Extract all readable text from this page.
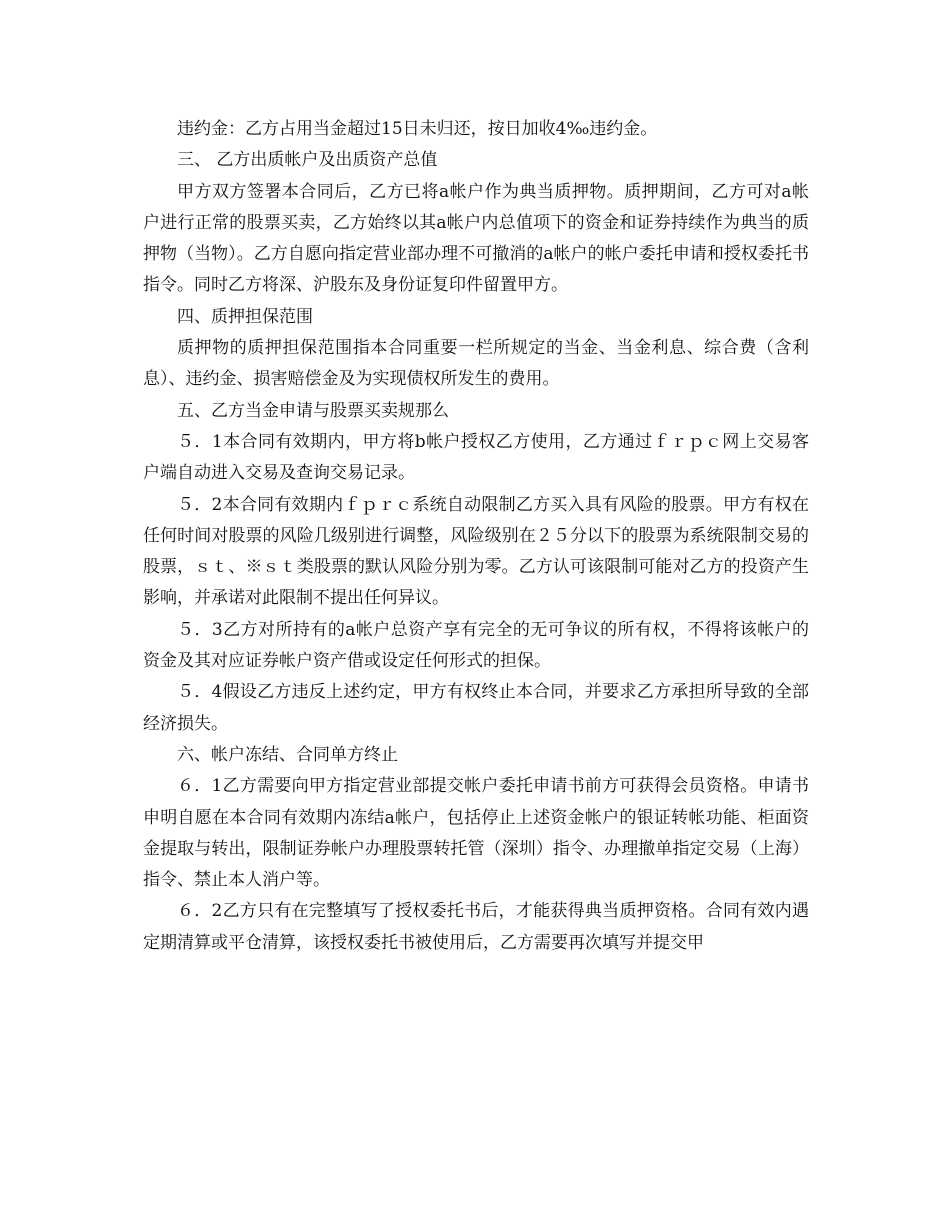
违约金：乙方占用当金超过15日未归还，按日加收4‰违约金。

三、 乙方出质帐户及出质资产总值

甲方双方签署本合同后，乙方已将a帐户作为典当质押物。质押期间，乙方可对a帐户进行正常的股票买卖，乙方始终以其a帐户内总值项下的资金和证券持续作为典当的质押物（当物）。乙方自愿向指定营业部办理不可撤消的a帐户的帐户委托申请和授权委托书指令。同时乙方将深、沪股东及身份证复印件留置甲方。

四、质押担保范围

质押物的质押担保范围指本合同重要一栏所规定的当金、当金利息、综合费（含利息）、违约金、损害赔偿金及为实现债权所发生的费用。

五、乙方当金申请与股票买卖规那么

５．1本合同有效期内，甲方将b帐户授权乙方使用，乙方通过ｆｒｐｃ网上交易客户端自动进入交易及查询交易记录。

５．2本合同有效期内ｆｐｒｃ系统自动限制乙方买入具有风险的股票。甲方有权在任何时间对股票的风险几级别进行调整，风险级别在２５分以下的股票为系统限制交易的股票，ｓｔ、※ｓｔ类股票的默认风险分别为零。乙方认可该限制可能对乙方的投资产生影响，并承诺对此限制不提出任何异议。

５．3乙方对所持有的a帐户总资产享有完全的无可争议的所有权，不得将该帐户的资金及其对应证券帐户资产借或设定任何形式的担保。

５．4假设乙方违反上述约定，甲方有权终止本合同，并要求乙方承担所导致的全部经济损失。

六、帐户冻结、合同单方终止

６．1乙方需要向甲方指定营业部提交帐户委托申请书前方可获得会员资格。申请书申明自愿在本合同有效期内冻结a帐户，包括停止上述资金帐户的银证转帐功能、柜面资金提取与转出，限制证券帐户办理股票转托管（深圳）指令、办理撤单指定交易（上海）指令、禁止本人消户等。

６．2乙方只有在完整填写了授权委托书后，才能获得典当质押资格。合同有效内遇定期清算或平仓清算，该授权委托书被使用后，乙方需要再次填写并提交甲
